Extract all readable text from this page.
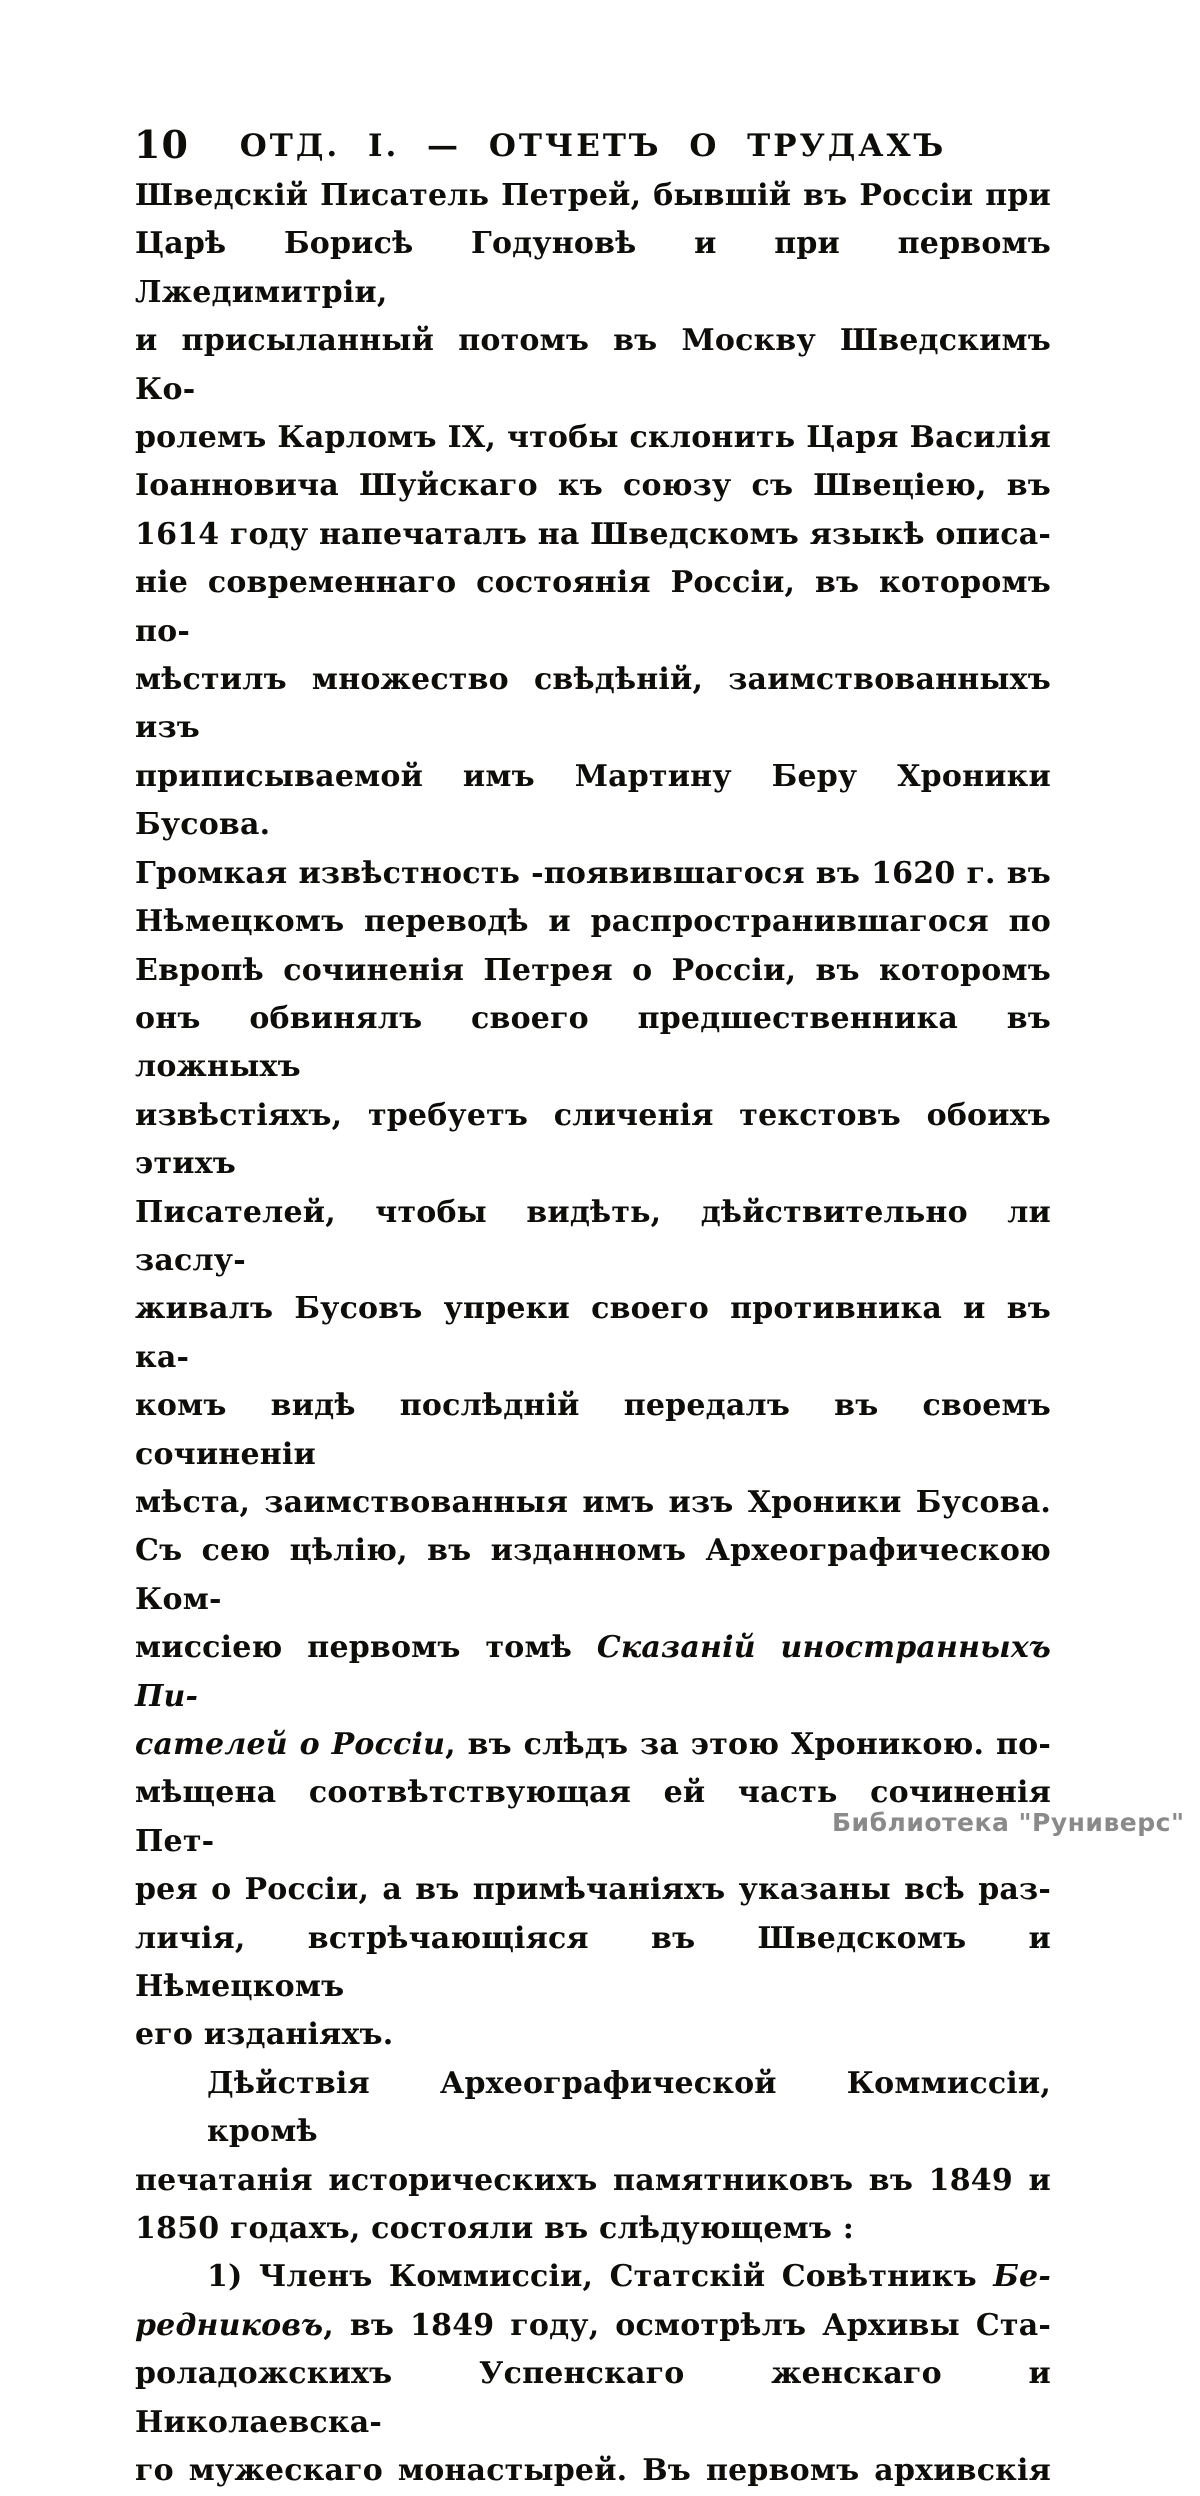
10	ОТД. І. — ОТЧЕТЪ О ТРУДАХЪ
Шведскій Писатель Петрей, бывшій въ Россіи при
Царѣ Борисѣ Годуновѣ и при первомъ Лжедимитріи,
и присыланный потомъ въ Москву Шведскимъ Ко-
ролемъ Карломъ IX, чтобы склонить Царя Василія
Іоанновича Шуйскаго къ союзу съ Швеціею, въ
1614 году напечаталъ на Шведскомъ языкѣ описа-
ніе современнаго состоянія Россіи, въ которомъ по-
мѣстилъ множество свѣдѣній, заимствованныхъ изъ
приписываемой имъ Мартину Беру Хроники Бусова.
Громкая извѣстность -появившагося въ 1620 г. въ
Нѣмецкомъ переводѣ и распространившагося по
Европѣ сочиненія Петрея о Россіи, въ которомъ
онъ обвинялъ своего предшественника въ ложныхъ
извѣстіяхъ, требуетъ сличенія текстовъ обоихъ этихъ
Писателей, чтобы видѣть, дѣйствительно ли заслу-
живалъ Бусовъ упреки своего противника и въ ка-
комъ видѣ послѣдній передалъ въ своемъ сочиненіи
мѣста, заимствованныя имъ изъ Хроники Бусова.
Съ сею цѣлію, въ изданномъ Археографическою Ком-
миссіею первомъ томѣ Сказаній иностранныхъ Пи-
сателей о Россіи, въ слѣдъ за этою Хроникою. по-
мѣщена соотвѣтствующая ей часть сочиненія Пет-
рея о Россіи, а въ примѣчаніяхъ указаны всѣ раз-
личія, встрѣчающіяся въ Шведскомъ и Нѣмецкомъ
его изданіяхъ.
Дѣйствія Археографической Коммиссіи, кромѣ
печатанія историческихъ памятниковъ въ 1849 и
1850 годахъ, состояли въ слѣдующемъ :
1) Членъ Коммиссіи, Статскій Совѣтникъ Бе-
редниковъ, въ 1849 году, осмотрѣлъ Архивы Ста-
роладожскихъ Успенскаго женскаго и Николаевска-
го мужескаго монастырей. Въ первомъ архивскія
Библиотека "Руниверс"
